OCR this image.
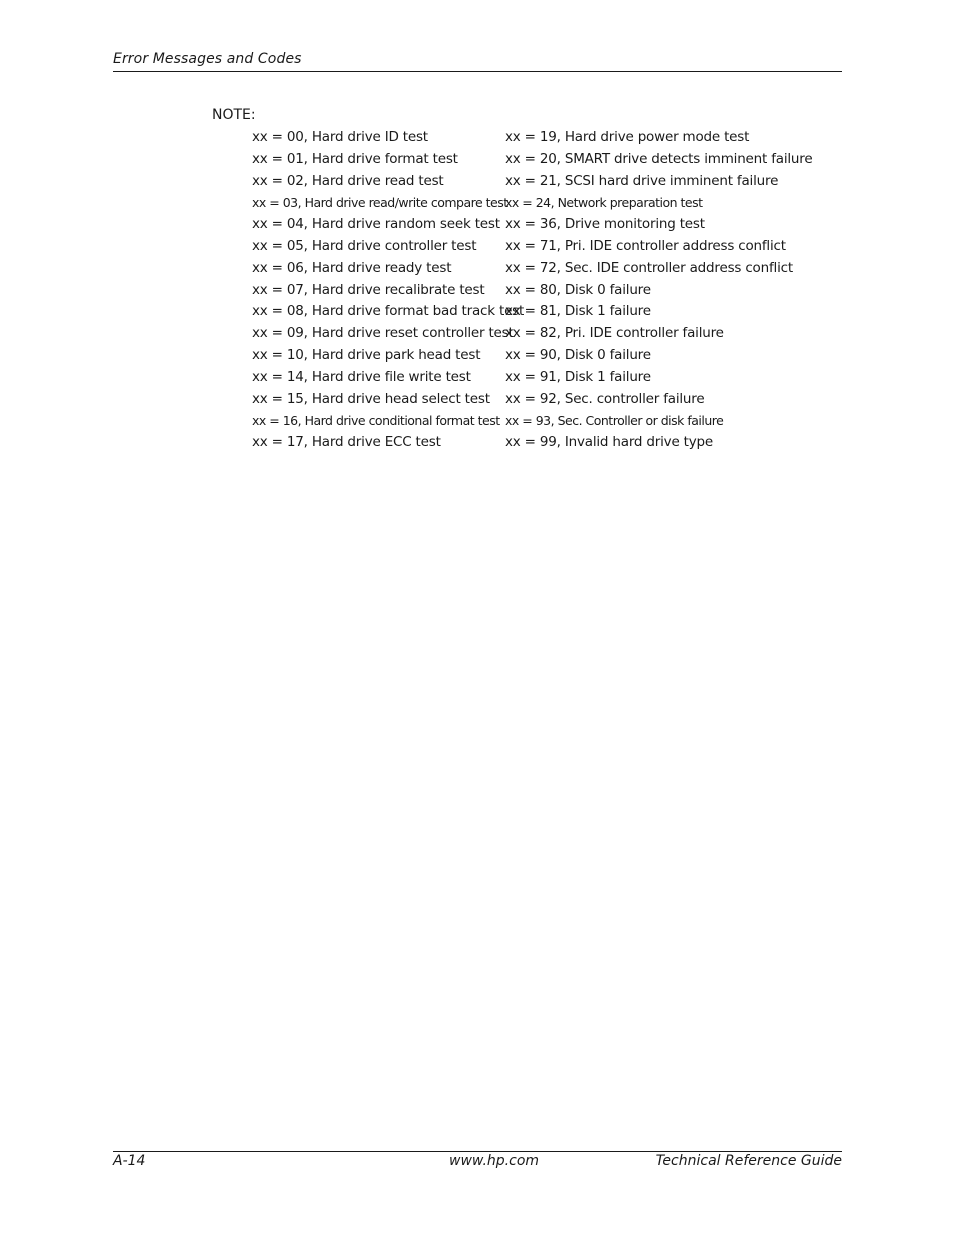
Error Messages and Codes
NOTE:
xx = 00, Hard drive ID test
xx = 01, Hard drive format test
xx = 02, Hard drive read test
xx = 03, Hard drive read/write compare test
xx = 04, Hard drive random seek test
xx = 05, Hard drive controller test
xx = 06, Hard drive ready test
xx = 07, Hard drive recalibrate test
xx = 08, Hard drive format bad track test
xx = 09, Hard drive reset controller test
xx = 10, Hard drive park head test
xx = 14, Hard drive file write test
xx = 15, Hard drive head select test
xx = 16, Hard drive conditional format test
xx = 17, Hard drive ECC test
xx = 19, Hard drive power mode test
xx = 20, SMART drive detects imminent failure
xx = 21, SCSI hard drive imminent failure
xx = 24, Network preparation test
xx = 36, Drive monitoring test
xx = 71, Pri. IDE controller address conflict
xx = 72, Sec. IDE controller address conflict
xx = 80, Disk 0 failure
xx = 81, Disk 1 failure
xx = 82, Pri. IDE controller failure
xx = 90, Disk 0 failure
xx = 91, Disk 1 failure
xx = 92, Sec. controller failure
xx = 93, Sec. Controller or disk failure
xx = 99, Invalid hard drive type
A-14	www.hp.com	Technical Reference Guide
